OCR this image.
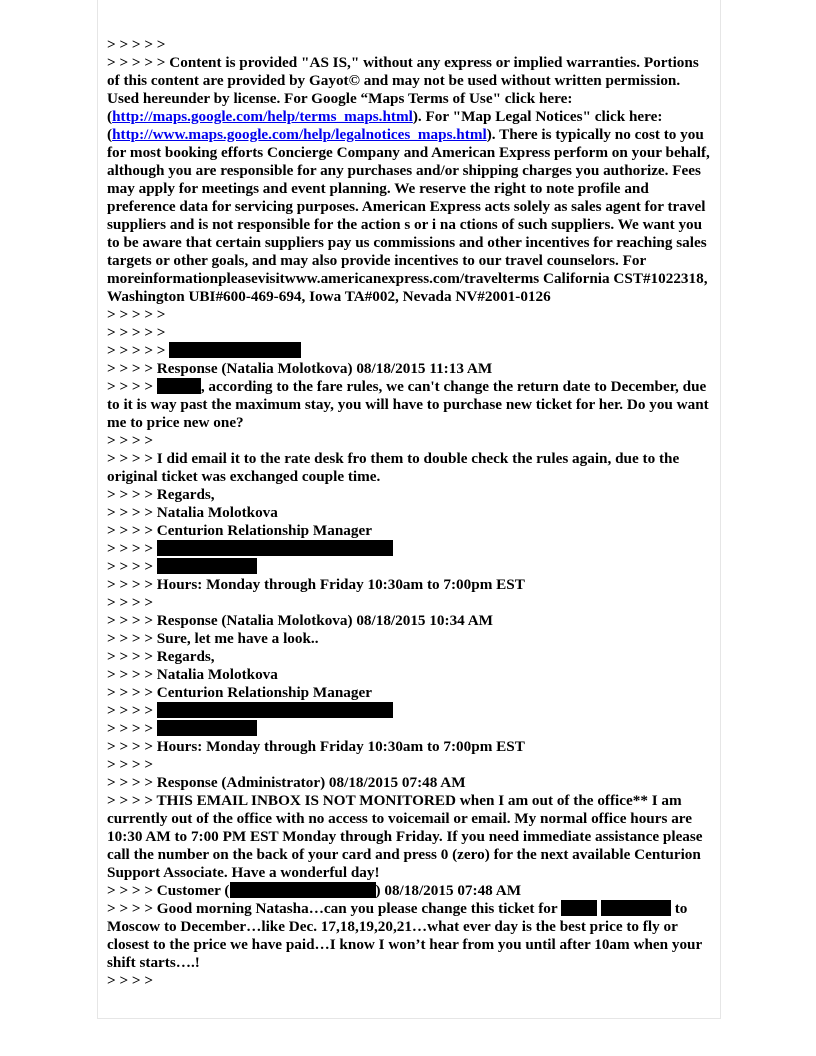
> > > > >
> > > > > Content is provided "AS IS," without any express or implied warranties. Portions of this content are provided by Gayot© and may not be used without written permission. Used hereunder by license. For Google “Maps Terms of Use" click here: (http://maps.google.com/help/terms_maps.html). For "Map Legal Notices" click here: (http://www.maps.google.com/help/legalnotices_maps.html). There is typically no cost to you for most booking efforts Concierge Company and American Express perform on your behalf, although you are responsible for any purchases and/or shipping charges you authorize. Fees may apply for meetings and event planning. We reserve the right to note profile and preference data for servicing purposes. American Express acts solely as sales agent for travel suppliers and is not responsible for the action s or i na ctions of such suppliers. We want you to be aware that certain suppliers pay us commissions and other incentives for reaching sales targets or other goals, and may also provide incentives to our travel counselors. For moreinformationpleasevisitwww.americanexpress.com/travelterms California CST#1022318, Washington UBI#600-469-694, Iowa TA#002, Nevada NV#2001-0126
> > > > >
> > > > >
> > > > >
> > > > Response (Natalia Molotkova) 08/18/2015 11:13 AM
> > > >	, according to the fare rules, we can't change the return date to December, due to it is way past the maximum stay, you will have to purchase new ticket for her. Do you want me to price new one?
> > > >
> > > > I did email it to the rate desk fro them to double check the rules again, due to the original ticket was exchanged couple time.
> > > > Regards,
> > > > Natalia Molotkova
> > > > Centurion Relationship Manager
> > > >
> > > >
> > > > Hours: Monday through Friday 10:30am to 7:00pm EST
> > > >
> > > > Response (Natalia Molotkova) 08/18/2015 10:34 AM
> > > > Sure, let me have a look..
> > > > Regards,
> > > > Natalia Molotkova
> > > > Centurion Relationship Manager
> > > >
> > > >
> > > > Hours: Monday through Friday 10:30am to 7:00pm EST
> > > >
> > > > Response (Administrator) 08/18/2015 07:48 AM
> > > > THIS EMAIL INBOX IS NOT MONITORED when I am out of the office** I am currently out of the office with no access to voicemail or email. My normal office hours are 10:30 AM to 7:00 PM EST Monday through Friday. If you need immediate assistance please call the number on the back of your card and press 0 (zero) for the next available Centurion Support Associate. Have a wonderful day!
> > > > Customer (	) 08/18/2015 07:48 AM
> > > > Good morning Natasha…can you please change this ticket for	to Moscow to December…like Dec. 17,18,19,20,21…what ever day is the best price to fly or closest to the price we have paid…I know I won’t hear from you until after 10am when your shift starts….!
> > > >
